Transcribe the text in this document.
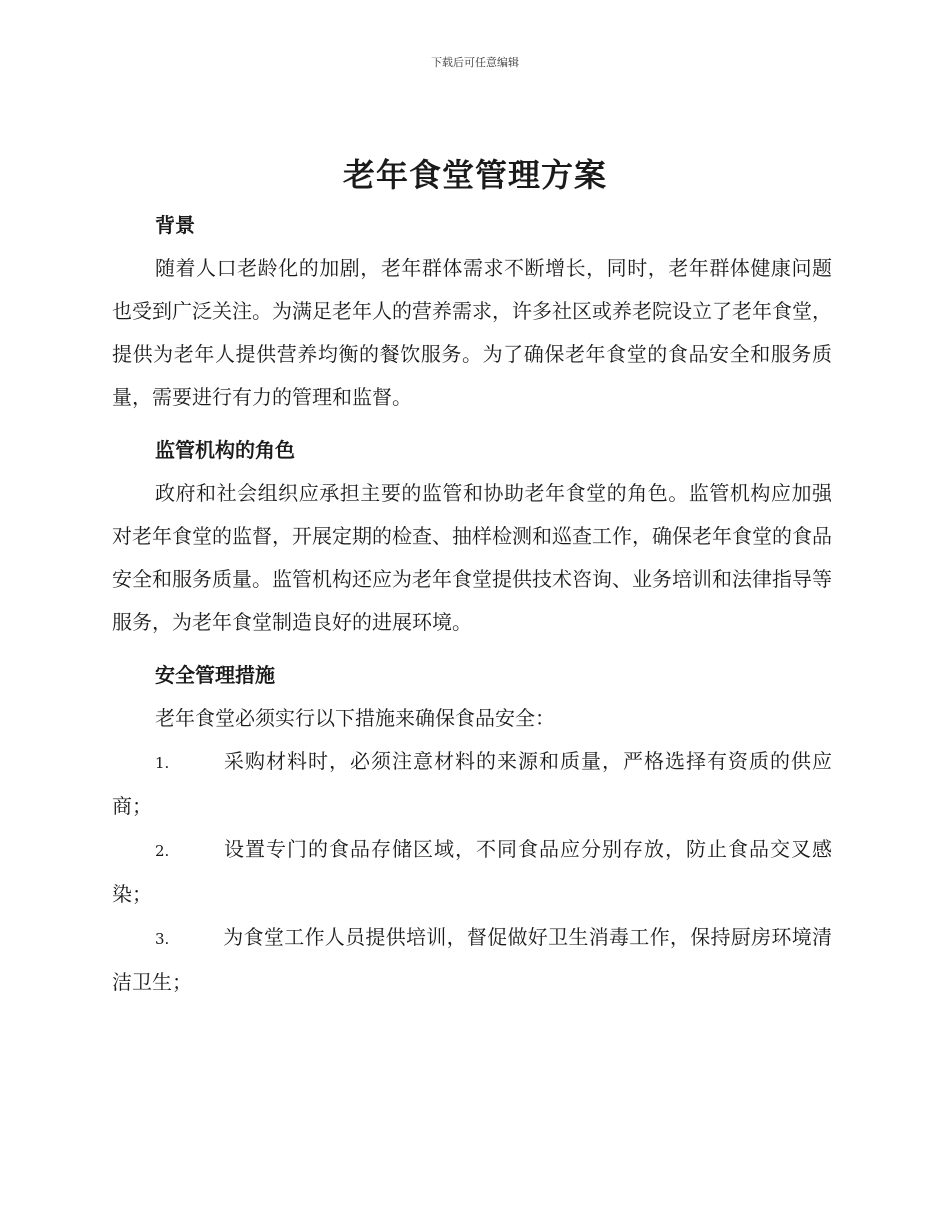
下载后可任意编辑
老年食堂管理方案
背景

随着人口老龄化的加剧，老年群体需求不断增长，同时，老年群体健康问题也受到广泛关注。为满足老年人的营养需求，许多社区或养老院设立了老年食堂，提供为老年人提供营养均衡的餐饮服务。为了确保老年食堂的食品安全和服务质量，需要进行有力的管理和监督。

监管机构的角色

政府和社会组织应承担主要的监管和协助老年食堂的角色。监管机构应加强对老年食堂的监督，开展定期的检查、抽样检测和巡查工作，确保老年食堂的食品安全和服务质量。监管机构还应为老年食堂提供技术咨询、业务培训和法律指导等服务，为老年食堂制造良好的进展环境。

安全管理措施

老年食堂必须实行以下措施来确保食品安全：

1.	采购材料时，必须注意材料的来源和质量，严格选择有资质的供应商；

2.	设置专门的食品存储区域，不同食品应分别存放，防止食品交叉感染；

3.	为食堂工作人员提供培训，督促做好卫生消毒工作，保持厨房环境清洁卫生；
